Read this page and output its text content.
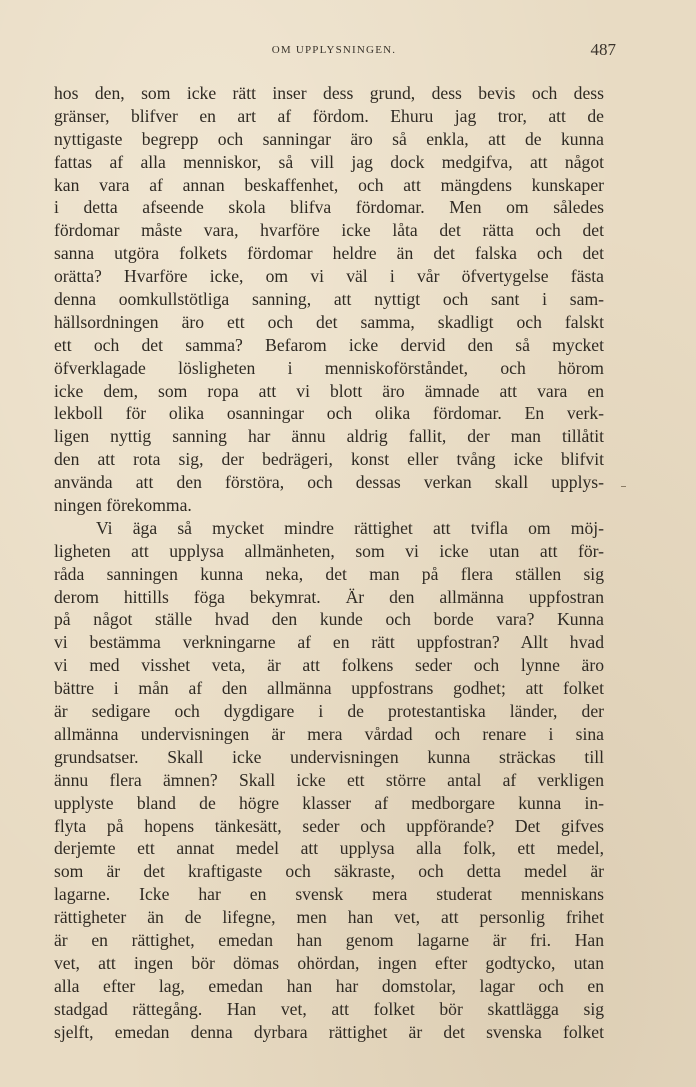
OM UPPLYSNINGEN.	487
hos den, som icke rätt inser dess grund, dess bevis och dess
gränser, blifver en art af fördom. Ehuru jag tror, att de
nyttigaste begrepp och sanningar äro så enkla, att de kunna
fattas af alla menniskor, så vill jag dock medgifva, att något
kan vara af annan beskaffenhet, och att mängdens kunskaper
i detta afseende skola blifva fördomar. Men om således
fördomar måste vara, hvarföre icke låta det rätta och det
sanna utgöra folkets fördomar heldre än det falska och det
orätta? Hvarföre icke, om vi väl i vår öfvertygelse fästa
denna oomkullstötliga sanning, att nyttigt och sant i sam-
hällsordningen äro ett och det samma, skadligt och falskt
ett och det samma? Befarom icke dervid den så mycket
öfverklagade lösligheten i menniskoförståndet, och hörom
icke dem, som ropa att vi blott äro ämnade att vara en
lekboll för olika osanningar och olika fördomar. En verk-
ligen nyttig sanning har ännu aldrig fallit, der man tillåtit
den att rota sig, der bedrägeri, konst eller tvång icke blifvit
använda att den förstöra, och dessas verkan skall upplys-
ningen förekomma.
Vi äga så mycket mindre rättighet att tvifla om möj-
ligheten att upplysa allmänheten, som vi icke utan att för-
råda sanningen kunna neka, det man på flera ställen sig
derom hittills föga bekymrat. Är den allmänna uppfostran
på något ställe hvad den kunde och borde vara? Kunna
vi bestämma verkningarne af en rätt uppfostran? Allt hvad
vi med visshet veta, är att folkens seder och lynne äro
bättre i mån af den allmänna uppfostrans godhet; att folket
är sedigare och dygdigare i de protestantiska länder, der
allmänna undervisningen är mera vårdad och renare i sina
grundsatser. Skall icke undervisningen kunna sträckas till
ännu flera ämnen? Skall icke ett större antal af verkligen
upplyste bland de högre klasser af medborgare kunna in-
flyta på hopens tänkesätt, seder och uppförande? Det gifves
derjemte ett annat medel att upplysa alla folk, ett medel,
som är det kraftigaste och säkraste, och detta medel är
lagarne. Icke har en svensk mera studerat menniskans
rättigheter än de lifegne, men han vet, att personlig frihet
är en rättighet, emedan han genom lagarne är fri. Han
vet, att ingen bör dömas ohördan, ingen efter godtycko, utan
alla efter lag, emedan han har domstolar, lagar och en
stadgad rättegång. Han vet, att folket bör skattlägga sig
sjelft, emedan denna dyrbara rättighet är det svenska folket
